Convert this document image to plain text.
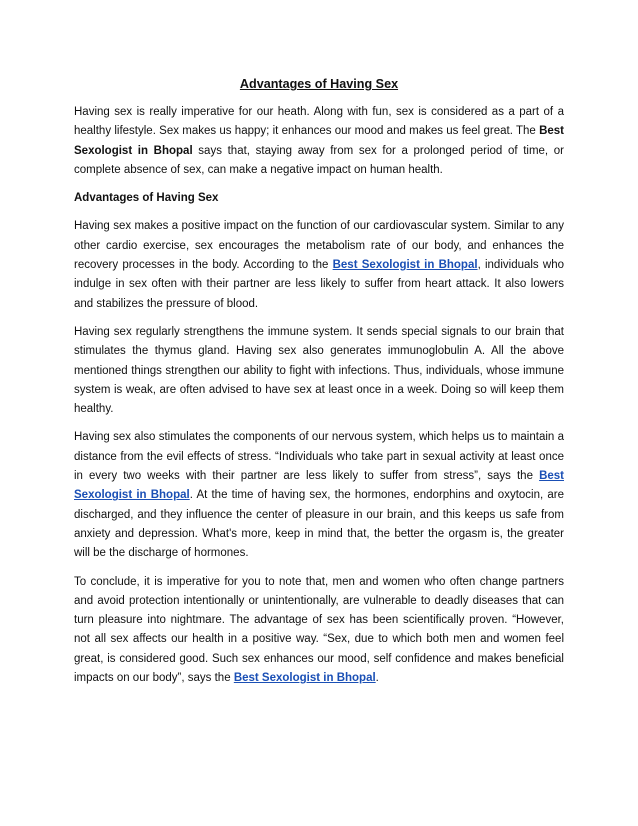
Advantages of Having Sex

Having sex is really imperative for our heath. Along with fun, sex is considered as a part of a healthy lifestyle. Sex makes us happy; it enhances our mood and makes us feel great. The Best Sexologist in Bhopal says that, staying away from sex for a prolonged period of time, or complete absence of sex, can make a negative impact on human health.

Advantages of Having Sex

Having sex makes a positive impact on the function of our cardiovascular system. Similar to any other cardio exercise, sex encourages the metabolism rate of our body, and enhances the recovery processes in the body. According to the Best Sexologist in Bhopal, individuals who indulge in sex often with their partner are less likely to suffer from heart attack. It also lowers and stabilizes the pressure of blood.

Having sex regularly strengthens the immune system. It sends special signals to our brain that stimulates the thymus gland. Having sex also generates immunoglobulin A. All the above mentioned things strengthen our ability to fight with infections. Thus, individuals, whose immune system is weak, are often advised to have sex at least once in a week. Doing so will keep them healthy.

Having sex also stimulates the components of our nervous system, which helps us to maintain a distance from the evil effects of stress. “Individuals who take part in sexual activity at least once in every two weeks with their partner are less likely to suffer from stress”, says the Best Sexologist in Bhopal. At the time of having sex, the hormones, endorphins and oxytocin, are discharged, and they influence the center of pleasure in our brain, and this keeps us safe from anxiety and depression. What's more, keep in mind that, the better the orgasm is, the greater will be the discharge of hormones.

To conclude, it is imperative for you to note that, men and women who often change partners and avoid protection intentionally or unintentionally, are vulnerable to deadly diseases that can turn pleasure into nightmare. The advantage of sex has been scientifically proven. “However, not all sex affects our health in a positive way. “Sex, due to which both men and women feel great, is considered good. Such sex enhances our mood, self confidence and makes beneficial impacts on our body”, says the Best Sexologist in Bhopal.
